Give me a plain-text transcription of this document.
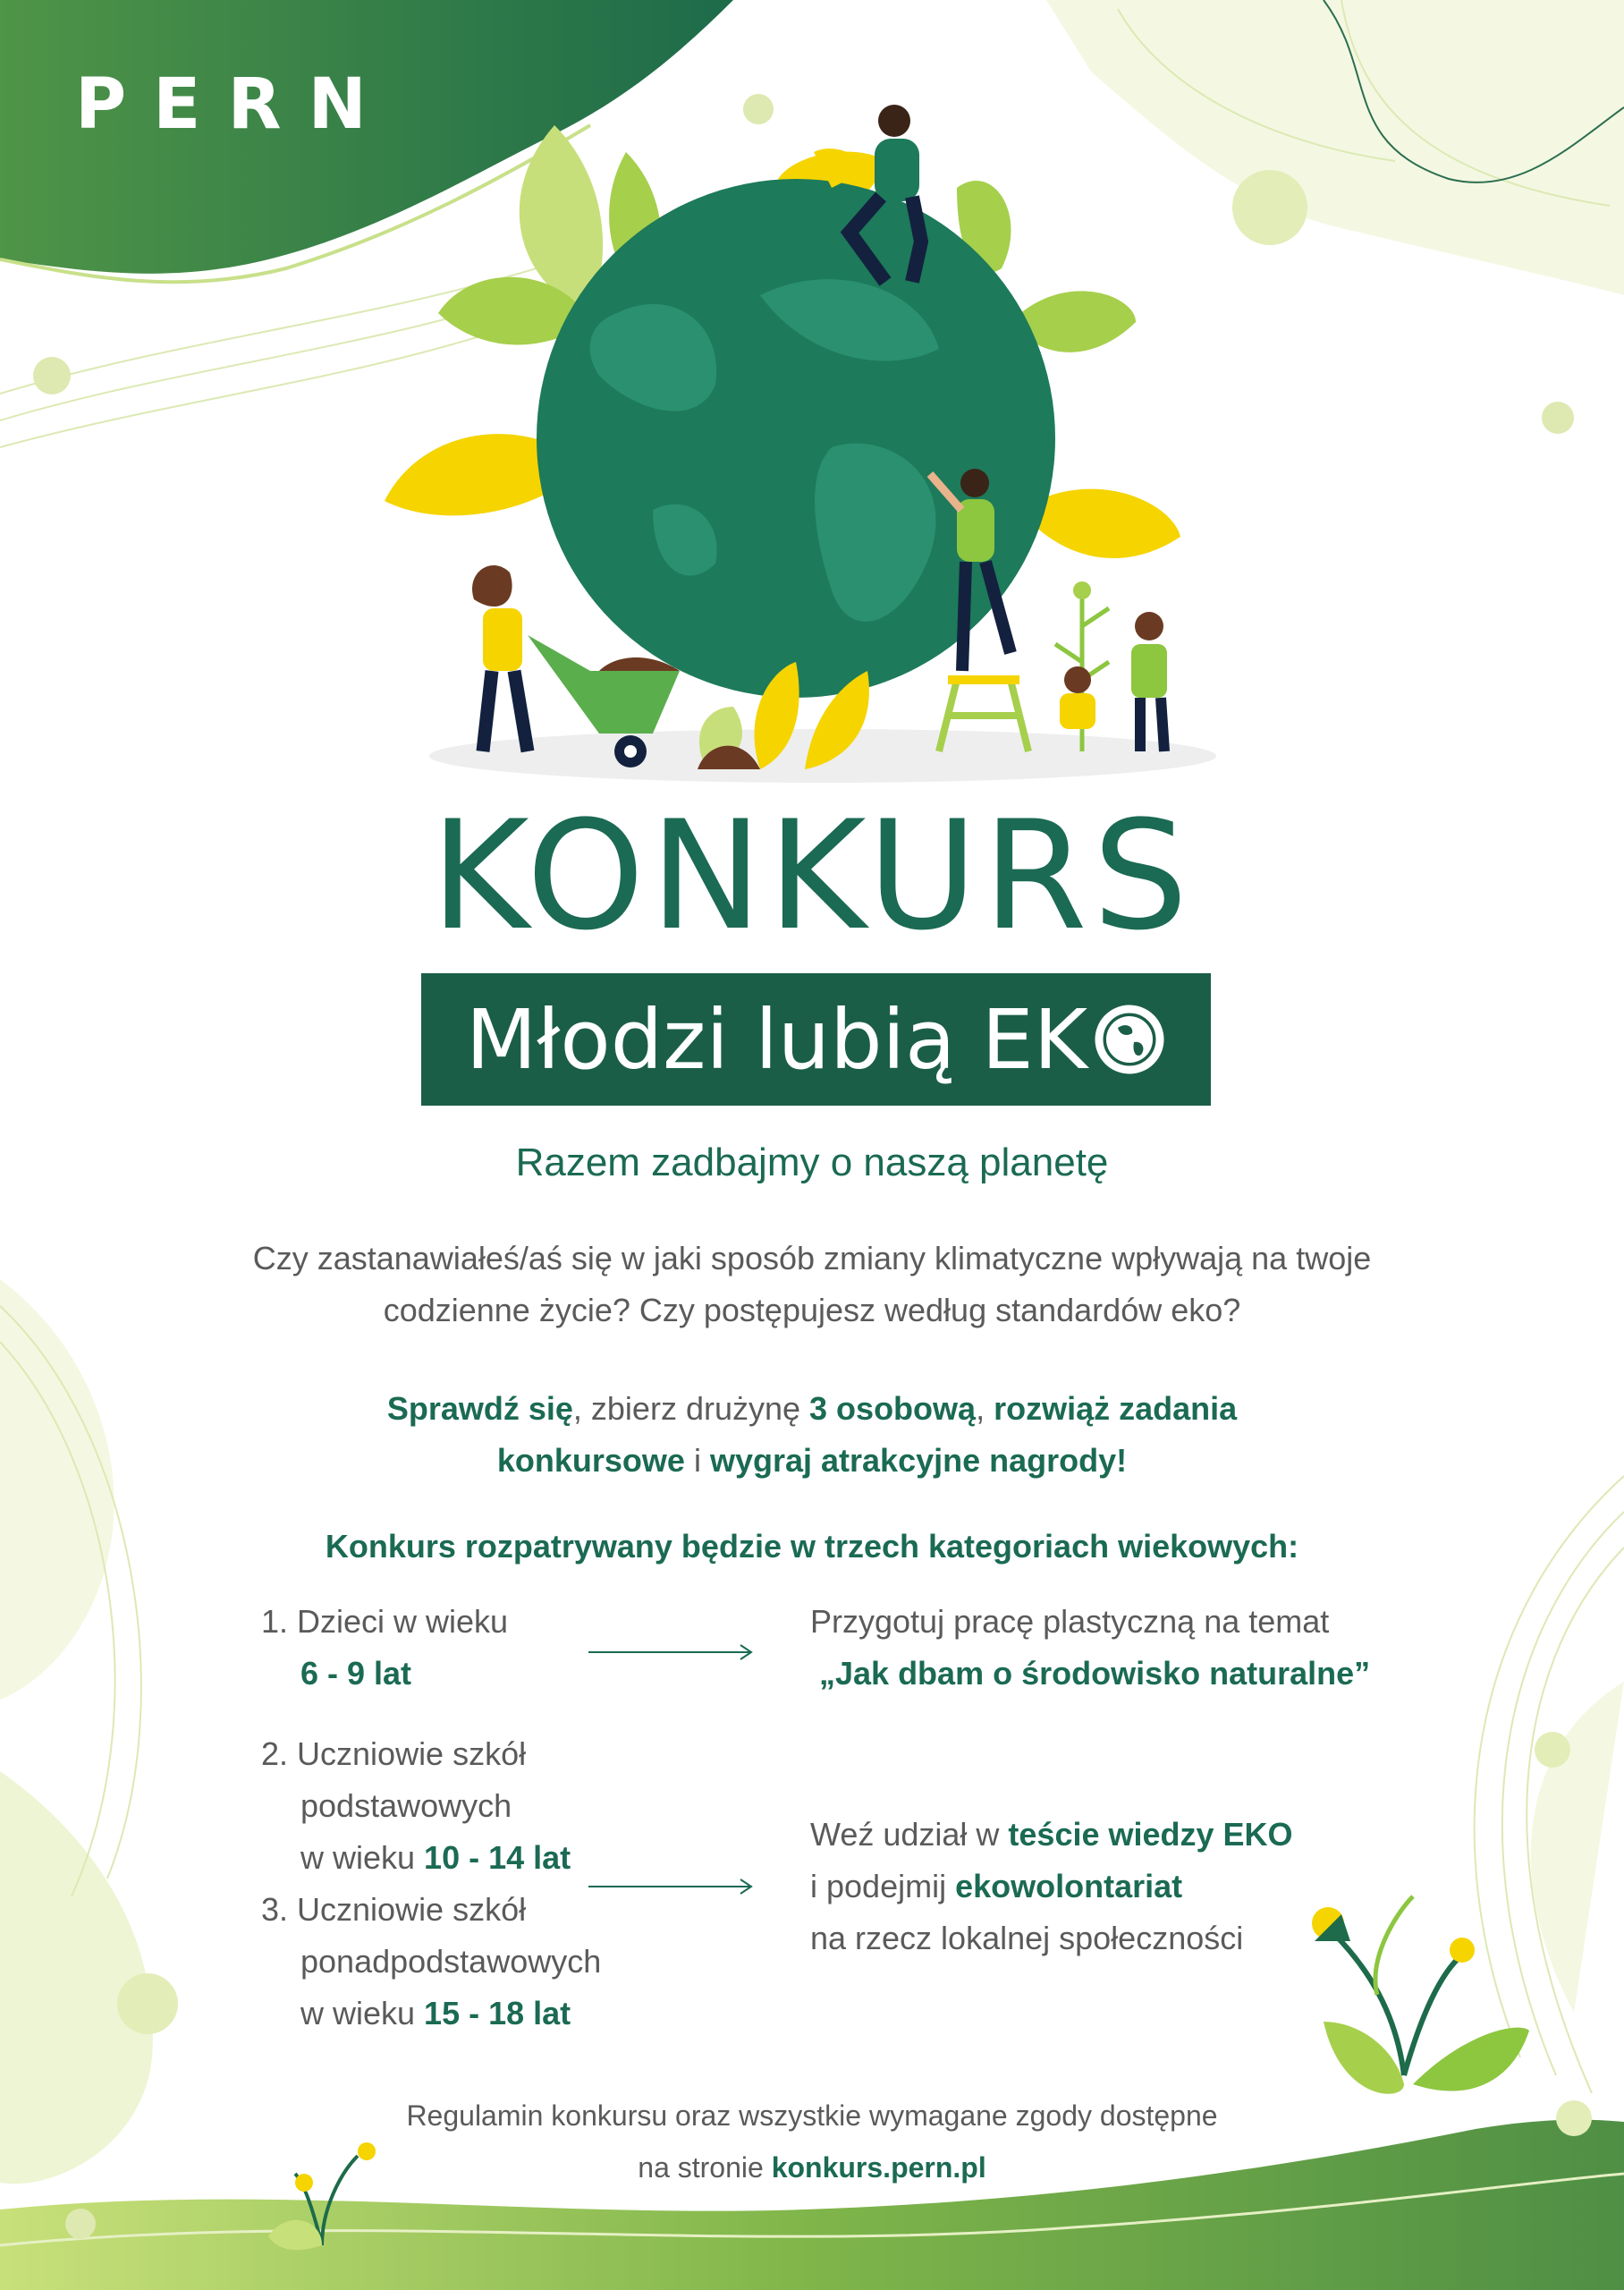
PERN
KONKURS
Młodzi lubią EK
Razem zadbajmy o naszą planetę
Czy zastanawiałeś/aś się w jaki sposób zmiany klimatyczne wpływają na twoje
codzienne życie? Czy postępujesz według standardów eko?
Sprawdź się, zbierz drużynę 3 osobową, rozwiąż zadania
konkursowe i wygraj atrakcyjne nagrody!
Konkurs rozpatrywany będzie w trzech kategoriach wiekowych:
1. Dzieci w wieku
6 - 9 lat
Przygotuj pracę plastyczną na temat
„Jak dbam o środowisko naturalne”
2. Uczniowie szkół
podstawowych
w wieku 10 - 14 lat
3. Uczniowie szkół
ponadpodstawowych
w wieku 15 - 18 lat
Weź udział w teście wiedzy EKO
i podejmij ekowolontariat
na rzecz lokalnej społeczności
Regulamin konkursu oraz wszystkie wymagane zgody dostępne
na stronie konkurs.pern.pl
